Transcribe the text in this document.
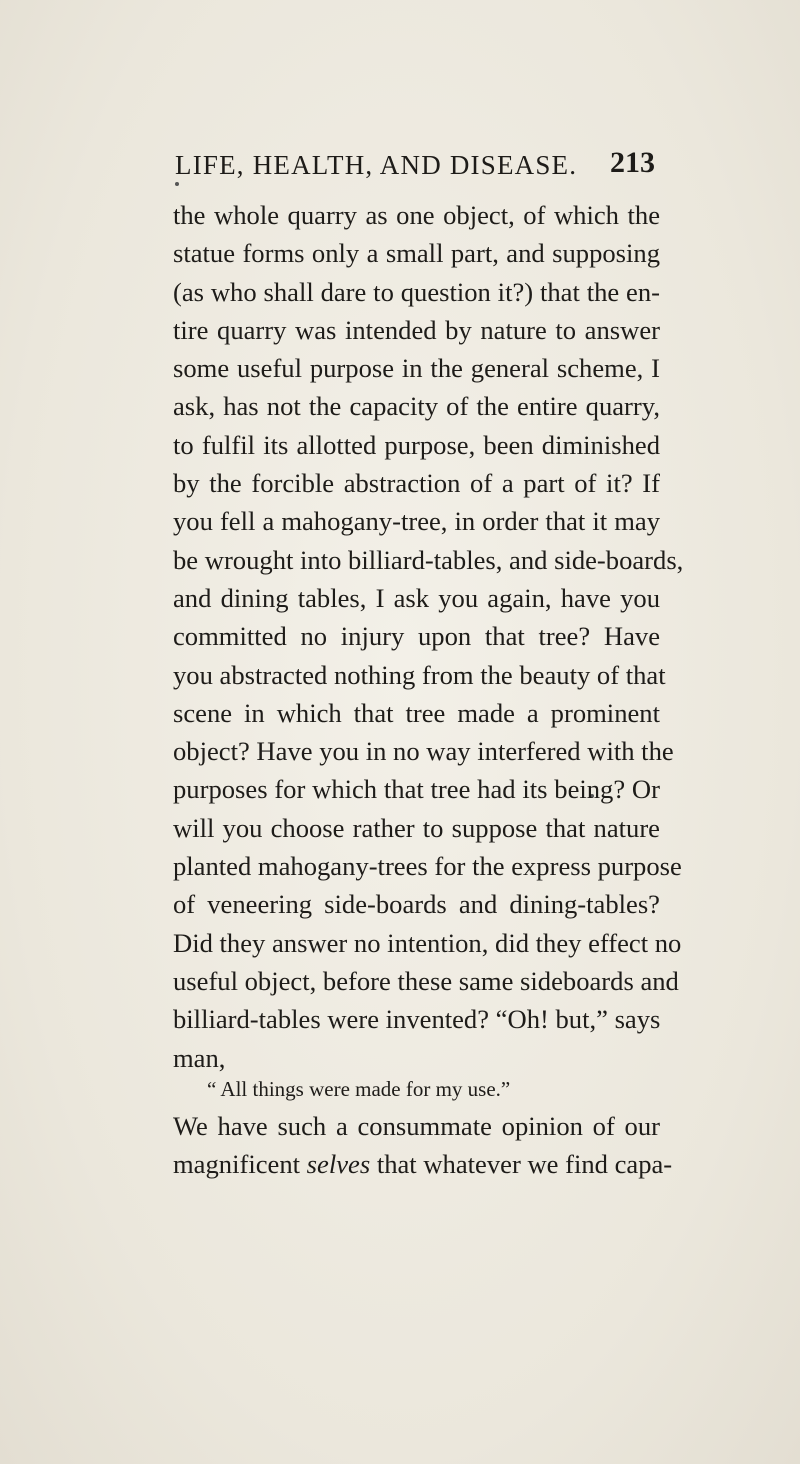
LIFE, HEALTH, AND DISEASE. 213
the whole quarry as one object, of which the
statue forms only a small part, and supposing
(as who shall dare to question it?) that the en-
tire quarry was intended by nature to answer
some useful purpose in the general scheme, I
ask, has not the capacity of the entire quarry,
to fulfil its allotted purpose, been diminished
by the forcible abstraction of a part of it? If
you fell a mahogany-tree, in order that it may
be wrought into billiard-tables, and side-boards,
and dining tables, I ask you again, have you
committed no injury upon that tree? Have
you abstracted nothing from the beauty of that
scene in which that tree made a prominent
object? Have you in no way interfered with the
purposes for which that tree had its being? Or
will you choose rather to suppose that nature
planted mahogany-trees for the express purpose
of veneering side-boards and dining-tables?
Did they answer no intention, did they effect no
useful object, before these same sideboards and
billiard-tables were invented? “Oh! but,” says
man,
“ All things were made for my use.”
We have such a consummate opinion of our
magnificent selves that whatever we find capa-
